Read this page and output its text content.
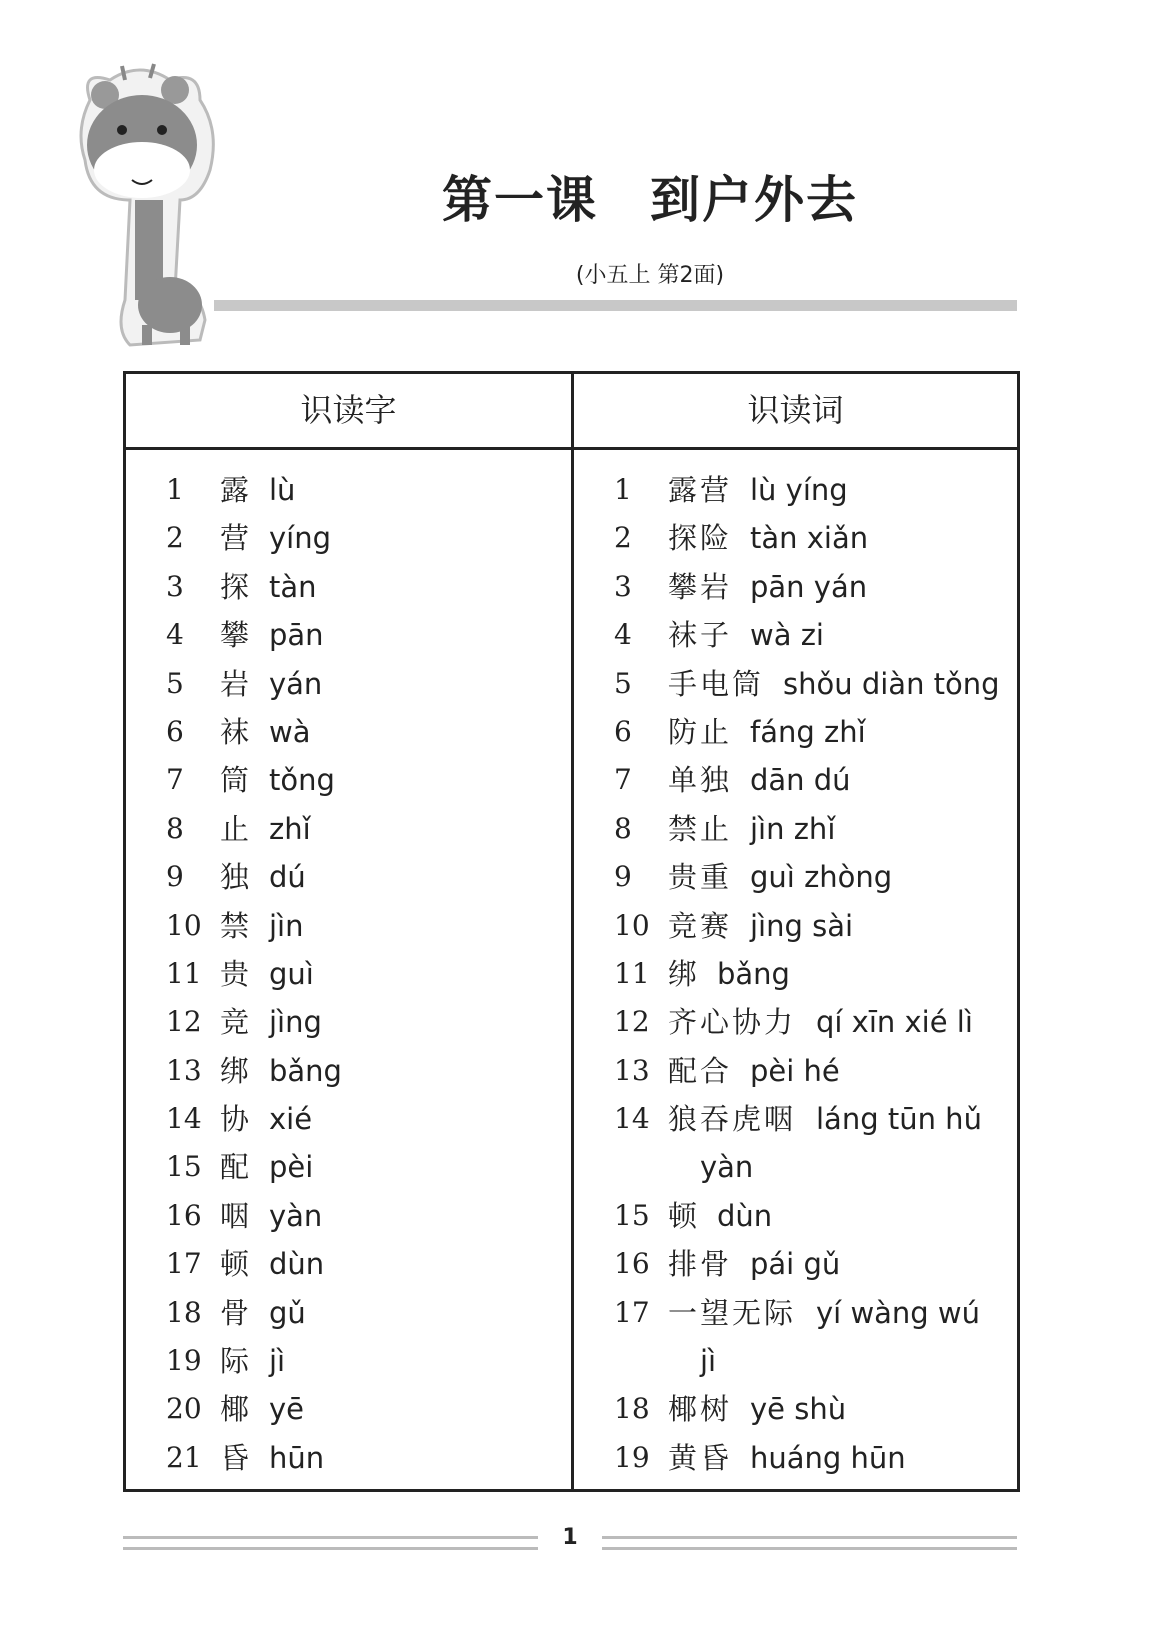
第一课　到户外去
(小五上 第2面)
识读字	识读词
1 露 lù
2 营 yíng
3 探 tàn
4 攀 pān
5 岩 yán
6 袜 wà
7 筒 tǒng
8 止 zhǐ
9 独 dú
10 禁 jìn
11 贵 guì
12 竞 jìng
13 绑 bǎng
14 协 xié
15 配 pèi
16 咽 yàn
17 顿 dùn
18 骨 gǔ
19 际 jì
20 椰 yē
21 昏 hūn
1 露营 lù yíng
2 探险 tàn xiǎn
3 攀岩 pān yán
4 袜子 wà zi
5 手电筒 shǒu diàn tǒng
6 防止 fáng zhǐ
7 单独 dān dú
8 禁止 jìn zhǐ
9 贵重 guì zhòng
10 竞赛 jìng sài
11 绑 bǎng
12 齐心协力 qí xīn xié lì
13 配合 pèi hé
14 狼吞虎咽 láng tūn hǔ
yàn
15 顿 dùn
16 排骨 pái gǔ
17 一望无际 yí wàng wú
jì
18 椰树 yē shù
19 黄昏 huáng hūn
1
